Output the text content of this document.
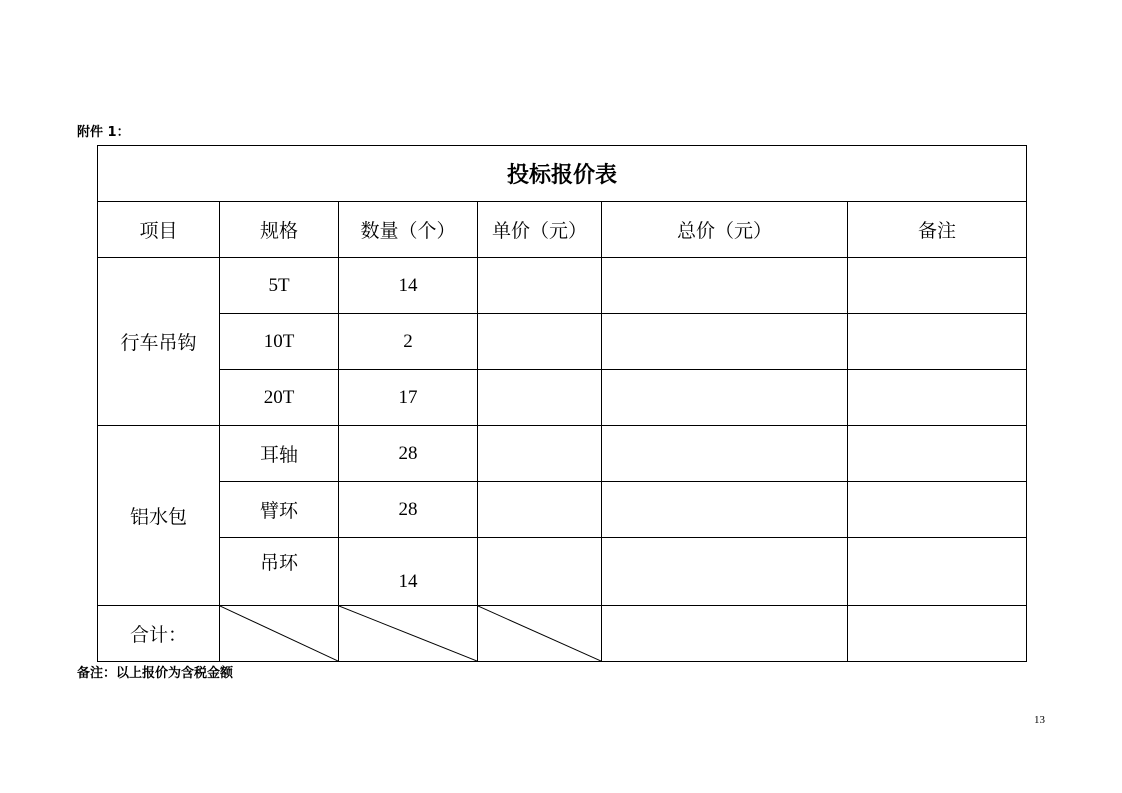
附件 1：
投标报价表					
项目	规格	数量（个）	单价（元）	总价（元）	备注
行车吊钩	5T	14			
	10T	2			
	20T	17			
铝水包	耳轴	28			
	臂环	28			
	吊环	14			
合计：	

备注：以上报价为含税金额
13
